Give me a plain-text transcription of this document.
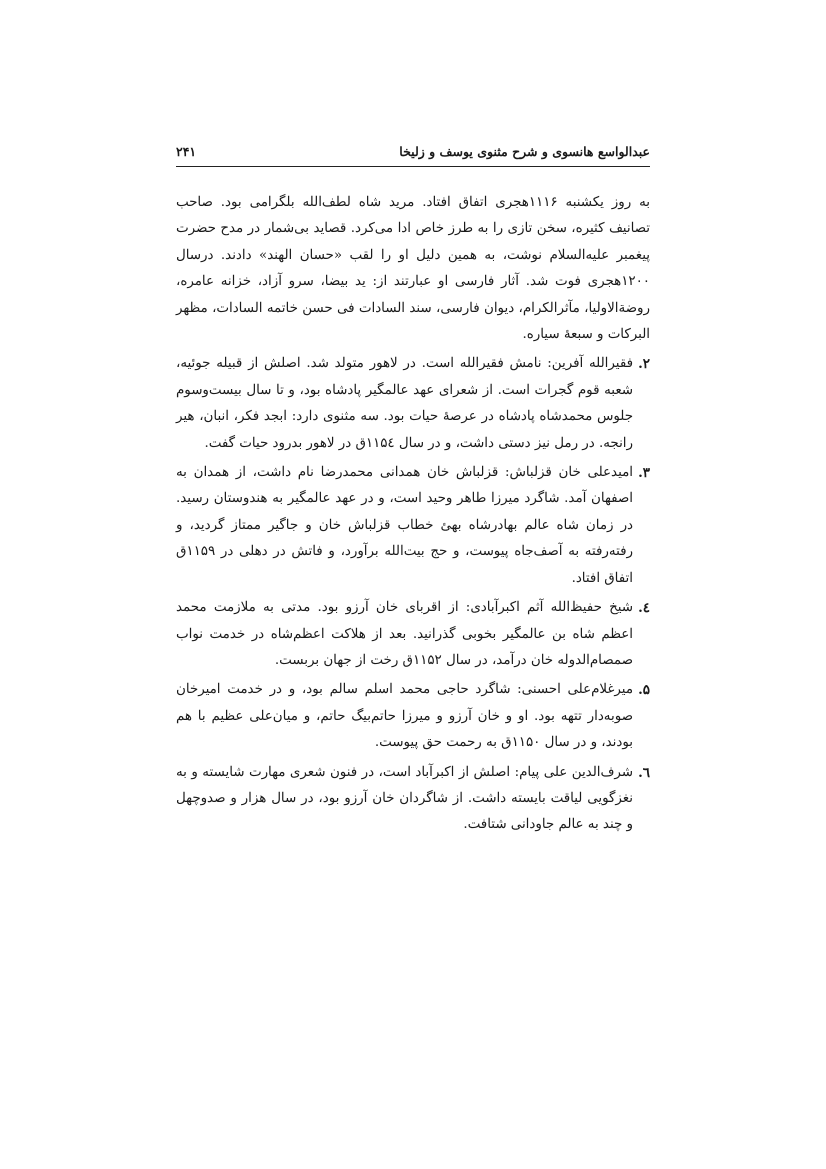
عبدالواسع هانسوی و شرح مثنوی یوسف و زلیخا
۲۴۱

به روز یکشنبه ۱۱۱۶هجری اتفاق افتاد. مرید شاه لطف‌الله بلگرامی بود. صاحب تصانیف کثیره، سخن تازی را به طرز خاص ادا می‌کرد. قصاید بی‌شمار در مدح حضرت پیغمبر علیه‌السلام نوشت، به همین دلیل او را لقب «حسان الهند» دادند. درسال ۱۲۰۰هجری فوت شد. آثار فارسی او عبارتند از: ید بیضا، سرو آزاد، خزانه عامره، روضة‌الاولیا، مآثرالکرام، دیوان فارسی، سند السادات فی حسن خاتمه السادات، مظهر البرکات و سبعهٔ سیاره.

۲.
فقیرالله آفرین: نامش فقیرالله است. در لاهور متولد شد. اصلش از قبیله جوئیه، شعبه قوم گجرات است. از شعرای عهد عالمگیر پادشاه بود، و تا سال بیست‌وسوم جلوس محمدشاه پادشاه در عرصهٔ حیات بود. سه مثنوی دارد: ابجد فکر، انبان، هیر رانجه. در رمل نیز دستی داشت، و در سال ۱۱۵٤ق در لاهور بدرود حیات گفت.
۳.
امیدعلی خان قزلباش: قزلباش خان همدانی محمدرضا نام داشت، از همدان به اصفهان آمد. شاگرد میرزا طاهر وحید است، و در عهد عالمگیر به هندوستان رسید. در زمان شاه عالم بهادرشاه بهئ خطاب قزلباش خان و جاگیر ممتاز گردید، و رفته‌رفته به آصف‌جاه پیوست، و حج بیت‌الله برآورد، و فاتش در دهلی در ۱۱۵۹ق اتفاق افتاد.
٤.
شیخ حفیظ‌الله آثم اکبرآبادی: از اقربای خان آرزو بود. مدتی به ملازمت محمد اعظم شاه بن عالمگیر بخوبی گذرانید. بعد از هلاکت اعظم‌شاه در خدمت نواب صمصام‌الدوله خان درآمد، در سال ۱۱۵۲ق رخت از جهان بربست.
۵.
میرغلام‌علی احسنی: شاگرد حاجی محمد اسلم سالم بود، و در خدمت امیرخان صوبه‌دار تتهه بود. او و خان آرزو و میرزا حاتم‌بیگ حاتم، و میان‌علی عظیم با هم بودند، و در سال ۱۱۵۰ق به رحمت حق پیوست.
٦.
شرف‌الدین علی پیام: اصلش از اکبرآباد است، در فنون شعری مهارت شایسته و به نغزگویی لیاقت بایسته داشت. از شاگردان خان آرزو بود، در سال هزار و صدوچهل و چند به عالم جاودانی شتافت.
